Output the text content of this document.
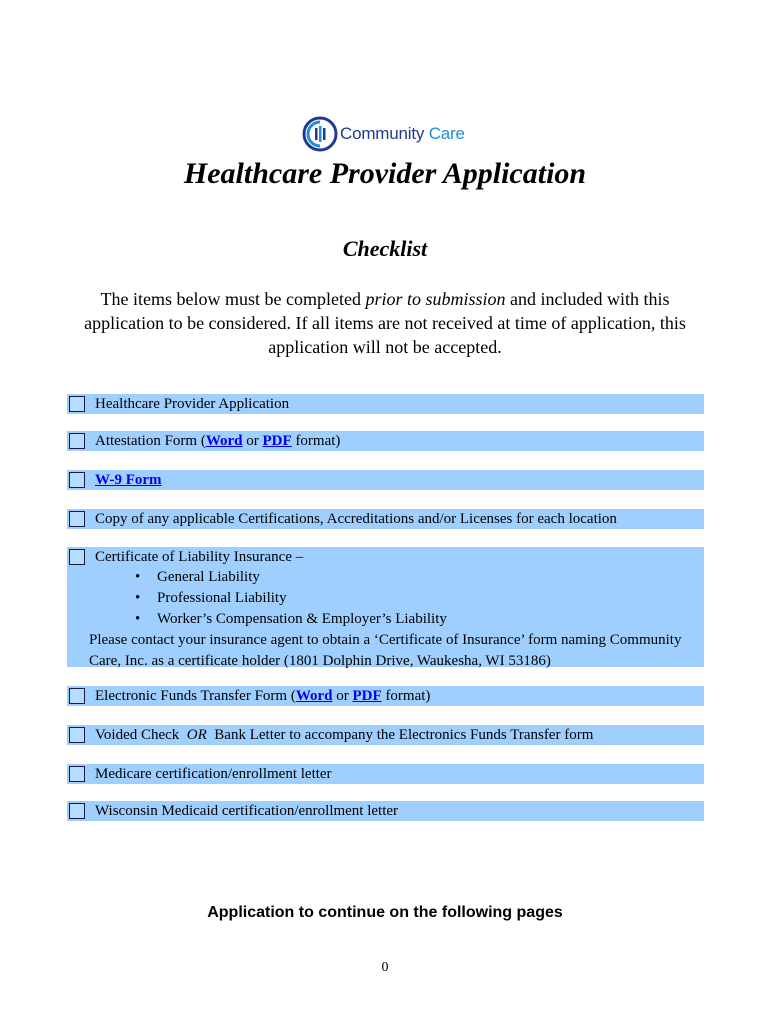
Community Care
Healthcare Provider Application
Checklist
The items below must be completed prior to submission and included with this application to be considered. If all items are not received at time of application, this application will not be accepted.
Healthcare Provider Application
Attestation Form (Word or PDF format)
W-9 Form
Copy of any applicable Certifications, Accreditations and/or Licenses for each location
Certificate of Liability Insurance –
• General Liability
• Professional Liability
• Worker’s Compensation & Employer’s Liability
Please contact your insurance agent to obtain a ‘Certificate of Insurance’ form naming Community Care, Inc. as a certificate holder (1801 Dolphin Drive, Waukesha, WI 53186)
Electronic Funds Transfer Form (Word or PDF format)
Voided Check  OR  Bank Letter to accompany the Electronics Funds Transfer form
Medicare certification/enrollment letter
Wisconsin Medicaid certification/enrollment letter
Application to continue on the following pages
0
